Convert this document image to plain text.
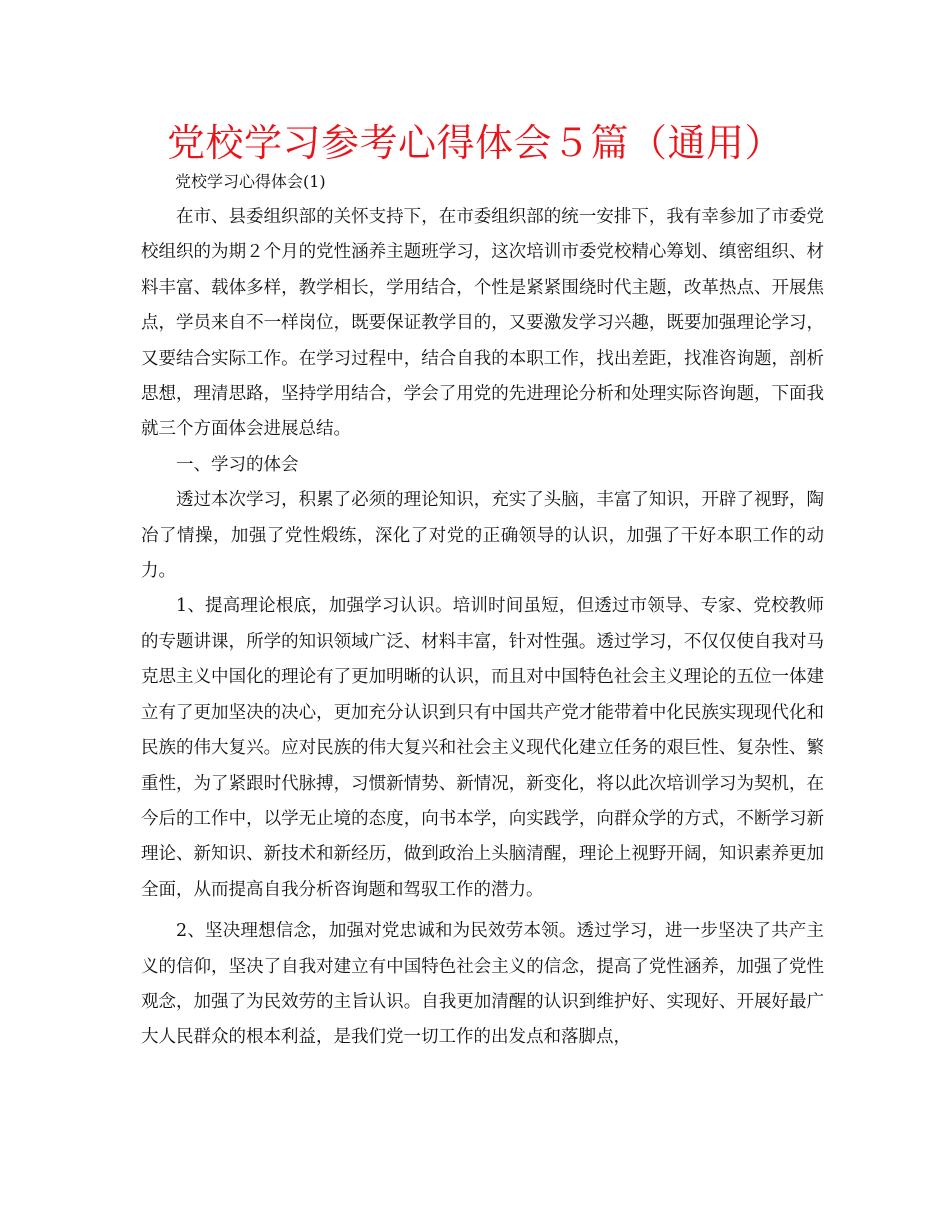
党校学习参考心得体会５篇（通用）

党校学习心得体会(1)

在市、县委组织部的关怀支持下，在市委组织部的统一安排下，我有幸参加了市委党校组织的为期２个月的党性涵养主题班学习，这次培训市委党校精心筹划、缜密组织、材料丰富、载体多样，教学相长，学用结合，个性是紧紧围绕时代主题，改革热点、开展焦点，学员来自不一样岗位，既要保证教学目的，又要激发学习兴趣，既要加强理论学习，又要结合实际工作。在学习过程中，结合自我的本职工作，找出差距，找准咨询题，剖析思想，理清思路，坚持学用结合，学会了用党的先进理论分析和处理实际咨询题，下面我就三个方面体会进展总结。

一、学习的体会

透过本次学习，积累了必须的理论知识，充实了头脑，丰富了知识，开辟了视野，陶冶了情操，加强了党性煅练，深化了对党的正确领导的认识，加强了干好本职工作的动力。

1、提高理论根底，加强学习认识。培训时间虽短，但透过市领导、专家、党校教师的专题讲课，所学的知识领域广泛、材料丰富，针对性强。透过学习，不仅仅使自我对马克思主义中国化的理论有了更加明晰的认识，而且对中国特色社会主义理论的五位一体建立有了更加坚决的决心，更加充分认识到只有中国共产党才能带着中化民族实现现代化和民族的伟大复兴。应对民族的伟大复兴和社会主义现代化建立任务的艰巨性、复杂性、繁重性，为了紧跟时代脉搏，习惯新情势、新情况，新变化，将以此次培训学习为契机，在今后的工作中，以学无止境的态度，向书本学，向实践学，向群众学的方式，不断学习新理论、新知识、新技术和新经历，做到政治上头脑清醒，理论上视野开阔，知识素养更加全面，从而提高自我分析咨询题和驾驭工作的潜力。

2、坚决理想信念，加强对党忠诚和为民效劳本领。透过学习，进一步坚决了共产主义的信仰，坚决了自我对建立有中国特色社会主义的信念，提高了党性涵养，加强了党性观念，加强了为民效劳的主旨认识。自我更加清醒的认识到维护好、实现好、开展好最广大人民群众的根本利益，是我们党一切工作的出发点和落脚点，
